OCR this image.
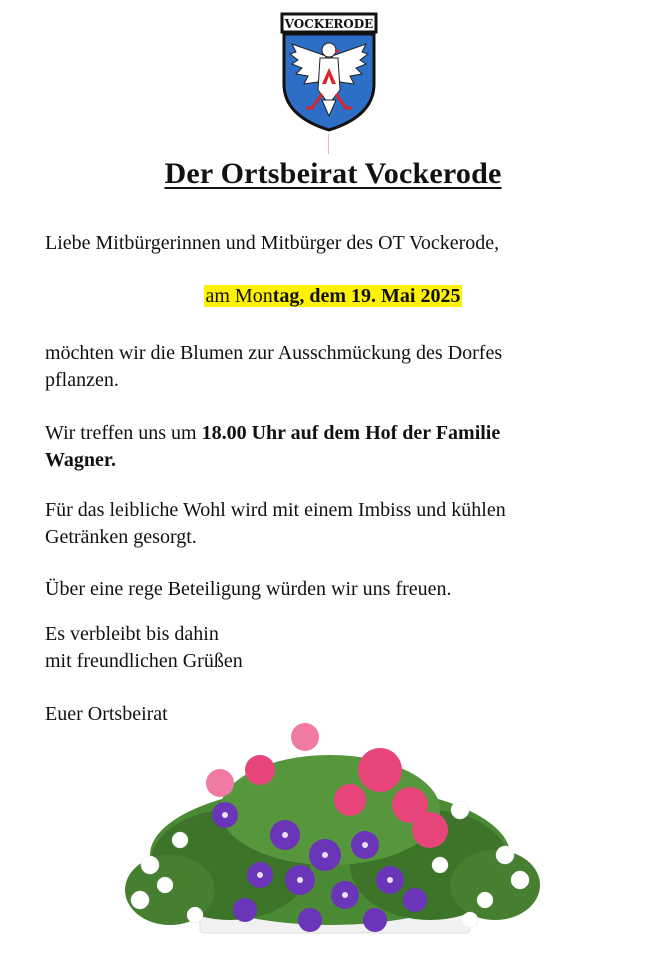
VOCKERODE
Der Ortsbeirat Vockerode

Liebe Mitbürgerinnen und Mitbürger des OT Vockerode,

am Montag, dem 19. Mai 2025

möchten wir die Blumen zur Ausschmückung des Dorfes
pflanzen.

Wir treffen uns um 18.00 Uhr auf dem Hof der Familie
Wagner.

Für das leibliche Wohl wird mit einem Imbiss und kühlen
Getränken gesorgt.

Über eine rege Beteiligung würden wir uns freuen.

Es verbleibt bis dahin
mit freundlichen Grüßen

Euer Ortsbeirat
